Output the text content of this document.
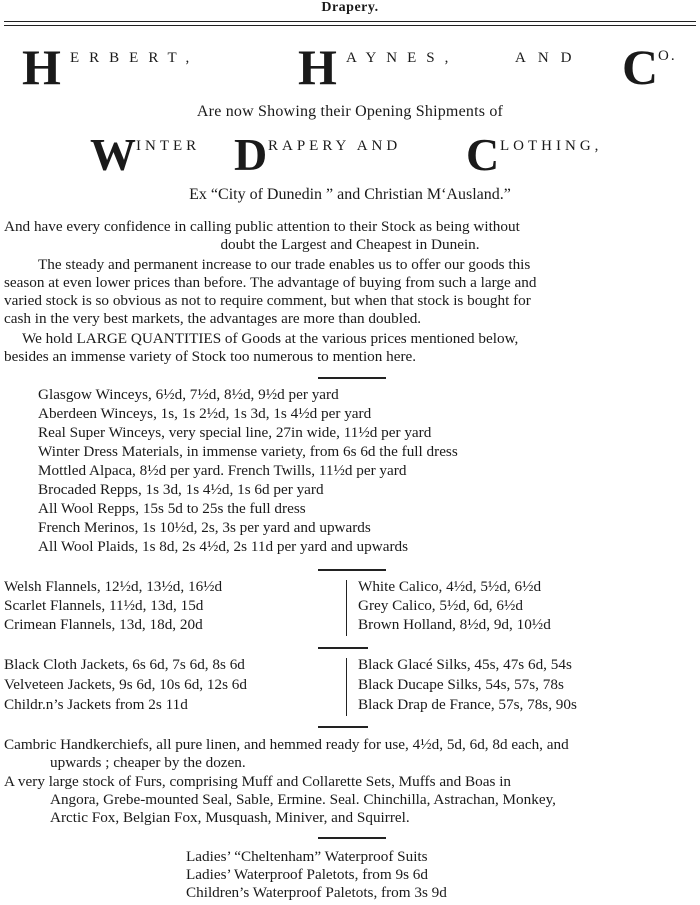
Drapery.
H ERBERT, H AYNES,	AND C O.
Are now Showing their Opening Shipments of
W INTER D RAPERY AND C LOTHING,
Ex “City of Dunedin ” and Christian M‘Ausland.”
And have every confidence in calling public attention to their Stock as being without
doubt the Largest and Cheapest in Dunein.
The steady and permanent increase to our trade enables us to offer our goods this
season at even lower prices than before. The advantage of buying from such a large and
varied stock is so obvious as not to require comment, but when that stock is bought for
cash in the very best markets, the advantages are more than doubled.
We hold LARGE QUANTITIES of Goods at the various prices mentioned below,
besides an immense variety of Stock too numerous to mention here.
Glasgow Winceys, 6½d, 7½d, 8½d, 9½d per yard
Aberdeen Winceys, 1s, 1s 2½d, 1s 3d, 1s 4½d per yard
Real Super Winceys, very special line, 27in wide, 11½d per yard
Winter Dress Materials, in immense variety, from 6s 6d the full dress
Mottled Alpaca, 8½d per yard. French Twills, 11½d per yard
Brocaded Repps, 1s 3d, 1s 4½d, 1s 6d per yard
All Wool Repps, 15s 5d to 25s the full dress
French Merinos, 1s 10½d, 2s, 3s per yard and upwards
All Wool Plaids, 1s 8d, 2s 4½d, 2s 11d per yard and upwards
Welsh Flannels, 12½d, 13½d, 16½d
Scarlet Flannels, 11½d, 13d, 15d
Crimean Flannels, 13d, 18d, 20d
White Calico, 4½d, 5½d, 6½d
Grey Calico, 5½d, 6d, 6½d
Brown Holland, 8½d, 9d, 10½d
Black Cloth Jackets, 6s 6d, 7s 6d, 8s 6d
Velveteen Jackets, 9s 6d, 10s 6d, 12s 6d
Childr.n’s Jackets from 2s 11d
Black Glacé Silks, 45s, 47s 6d, 54s
Black Ducape Silks, 54s, 57s, 78s
Black Drap de France, 57s, 78s, 90s
Cambric Handkerchiefs, all pure linen, and hemmed ready for use, 4½d, 5d, 6d, 8d each, and
upwards ; cheaper by the dozen.
A very large stock of Furs, comprising Muff and Collarette Sets, Muffs and Boas in
Angora, Grebe-mounted Seal, Sable, Ermine. Seal. Chinchilla, Astrachan, Monkey,
Arctic Fox, Belgian Fox, Musquash, Miniver, and Squirrel.
Ladies’ “Cheltenham” Waterproof Suits
Ladies’ Waterproof Paletots, from 9s 6d
Children’s Waterproof Paletots, from 3s 9d
